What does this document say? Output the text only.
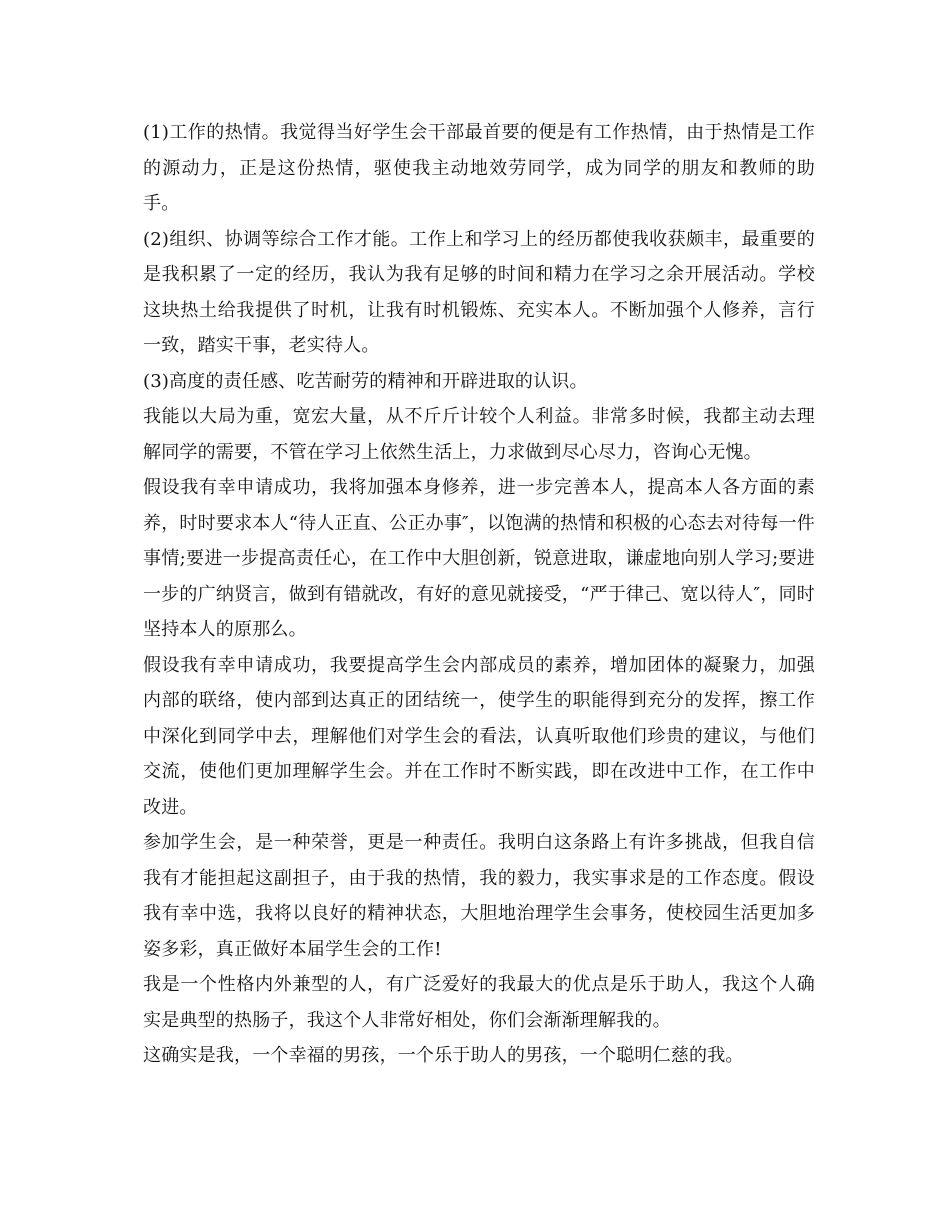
(1)工作的热情。我觉得当好学生会干部最首要的便是有工作热情，由于热情是工作的源动力，正是这份热情，驱使我主动地效劳同学，成为同学的朋友和教师的助手。

(2)组织、协调等综合工作才能。工作上和学习上的经历都使我收获颇丰，最重要的是我积累了一定的经历，我认为我有足够的时间和精力在学习之余开展活动。学校这块热土给我提供了时机，让我有时机锻炼、充实本人。不断加强个人修养，言行一致，踏实干事，老实待人。

(3)高度的责任感、吃苦耐劳的精神和开辟进取的认识。

我能以大局为重，宽宏大量，从不斤斤计较个人利益。非常多时候，我都主动去理解同学的需要，不管在学习上依然生活上，力求做到尽心尽力，咨询心无愧。

假设我有幸申请成功，我将加强本身修养，进一步完善本人，提高本人各方面的素养，时时要求本人“待人正直、公正办事″，以饱满的热情和积极的心态去对待每一件事情;要进一步提高责任心，在工作中大胆创新，锐意进取，谦虚地向别人学习;要进一步的广纳贤言，做到有错就改，有好的意见就接受，“严于律己、宽以待人″，同时坚持本人的原那么。

假设我有幸申请成功，我要提高学生会内部成员的素养，增加团体的凝聚力，加强内部的联络，使内部到达真正的团结统一，使学生的职能得到充分的发挥，擦工作中深化到同学中去，理解他们对学生会的看法，认真听取他们珍贵的建议，与他们交流，使他们更加理解学生会。并在工作时不断实践，即在改进中工作，在工作中改进。

参加学生会，是一种荣誉，更是一种责任。我明白这条路上有许多挑战，但我自信我有才能担起这副担子，由于我的热情，我的毅力，我实事求是的工作态度。假设我有幸中选，我将以良好的精神状态，大胆地治理学生会事务，使校园生活更加多姿多彩，真正做好本届学生会的工作!

我是一个性格内外兼型的人，有广泛爱好的我最大的优点是乐于助人，我这个人确实是典型的热肠子，我这个人非常好相处，你们会渐渐理解我的。

这确实是我，一个幸福的男孩，一个乐于助人的男孩，一个聪明仁慈的我。
